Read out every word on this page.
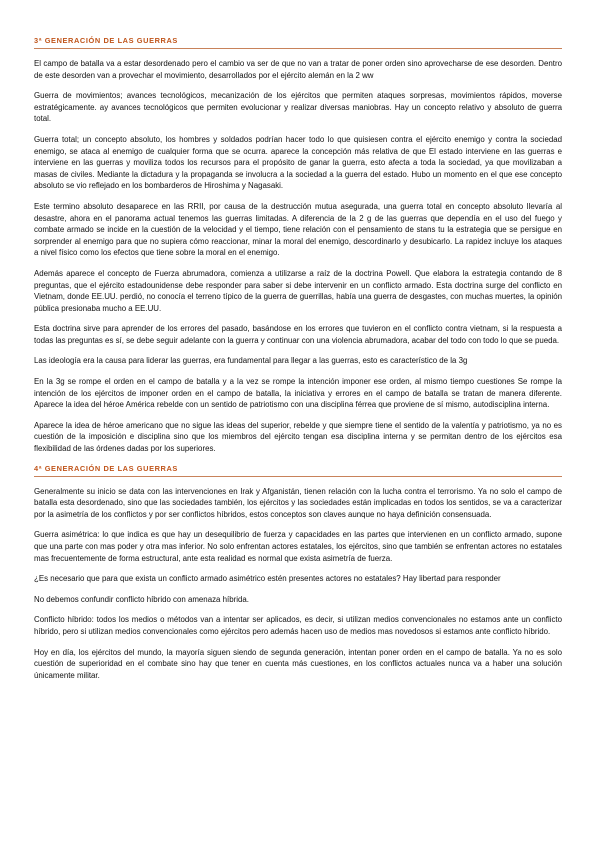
3ª GENERACIÓN DE LAS GUERRAS

El campo de batalla va a estar desordenado pero el cambio va ser de que no van a tratar de poner orden sino aprovecharse de ese desorden. Dentro de este desorden van a provechar el movimiento, desarrollados por el ejército alemán en la 2 ww

Guerra de movimientos; avances tecnológicos, mecanización de los ejércitos que permiten ataques sorpresas, movimientos rápidos, moverse estratégicamente. ay avances tecnológicos que permiten evolucionar y realizar diversas maniobras. Hay un concepto relativo y absoluto de guerra total.

Guerra total; un concepto absoluto, los hombres y soldados podrían hacer todo lo que quisiesen contra el ejército enemigo y contra la sociedad enemigo, se ataca al enemigo de cualquier forma que se ocurra. aparece la concepción más relativa de que El estado interviene en las guerras e interviene en las guerras y moviliza todos los recursos para el propósito de ganar la guerra, esto afecta a toda la sociedad, ya que movilizaban a masas de civiles. Mediante la dictadura y la propaganda se involucra a la sociedad a la guerra del estado. Hubo un momento en el que ese concepto absoluto se vio reflejado en los bombarderos de Hiroshima y Nagasaki.

Este termino absoluto desaparece en las RRII, por causa de la destrucción mutua asegurada, una guerra total en concepto absoluto llevaría al desastre, ahora en el panorama actual tenemos las guerras limitadas. A diferencia de la 2 g de las guerras que dependía en el uso del fuego y combate armado se incide en la cuestión de la velocidad y el tiempo, tiene relación con el pensamiento de stans tu la estrategia que se persigue en sorprender al enemigo para que no supiera cómo reaccionar, minar la moral del enemigo, descordinarlo y desubicarlo. La rapidez incluye los ataques a nivel físico como los efectos que tiene sobre la moral en el enemigo.

Además aparece el concepto de Fuerza abrumadora, comienza a utilizarse a raíz de la doctrina Powell. Que elabora la estrategia contando de 8 preguntas, que el ejército estadounidense debe responder para saber si debe intervenir en un conflicto armado. Esta doctrina surge del conflicto en Vietnam, donde EE.UU. perdió, no conocía el terreno típico de la guerra de guerrillas, había una guerra de desgastes, con muchas muertes, la opinión pública presionaba mucho a EE.UU.

Esta doctrina sirve para aprender de los errores del pasado, basándose en los errores que tuvieron en el conflicto contra vietnam, si la respuesta a todas las preguntas es sí, se debe seguir adelante con la guerra y continuar con una violencia abrumadora, acabar del todo con todo lo que se pueda.

Las ideología era la causa para liderar las guerras, era fundamental para llegar a las guerras, esto es característico de la 3g

En la 3g se rompe el orden en el campo de batalla y a la vez se rompe la intención imponer ese orden, al mismo tiempo cuestiones Se rompe la intención de los ejércitos de imponer orden en el campo de batalla, la iniciativa y errores en el campo de batalla se tratan de manera diferente. Aparece la idea del héroe América rebelde con un sentido de patriotismo con una disciplina férrea que proviene de sí mismo, autodisciplina interna.

Aparece la idea de héroe americano que no sigue las ideas del superior, rebelde y que siempre tiene el sentido de la valentía y patriotismo, ya no es cuestión de la imposición e disciplina sino que los miembros del ejército tengan esa disciplina interna y se permitan dentro de los ejércitos esa flexibilidad de las órdenes dadas por los superiores.

4ª GENERACIÓN DE LAS GUERRAS

Generalmente su inicio se data con las intervenciones en Irak y Afganistán, tienen relación con la lucha contra el terrorismo. Ya no solo el campo de batalla esta desordenado, sino que las sociedades también, los ejércitos y las sociedades están implicadas en todos los sentidos, se va a caracterizar por la asimetría de los conflictos y por ser conflictos híbridos, estos conceptos son claves aunque no haya definición consensuada.

Guerra asimétrica: lo que indica es que hay un desequilibrio de fuerza y capacidades en las partes que intervienen en un conflicto armado, supone que una parte con mas poder y otra mas inferior. No solo enfrentan actores estatales, los ejércitos, sino que también se enfrentan actores no estatales mas frecuentemente de forma estructural, ante esta realidad es normal que exista asimetría de fuerza.

¿Es necesario que para que exista un conflicto armado asimétrico estén presentes actores no estatales? Hay libertad para responder

No debemos confundir conflicto híbrido con amenaza híbrida.

Conflicto híbrido: todos los medios o métodos van a intentar ser aplicados, es decir, si utilizan medios convencionales no estamos ante un conflicto híbrido, pero si utilizan medios convencionales como ejércitos pero además hacen uso de medios mas novedosos si estamos ante conflicto híbrido.

Hoy en día, los ejércitos del mundo, la mayoría siguen siendo de segunda generación, intentan poner orden en el campo de batalla. Ya no es solo cuestión de superioridad en el combate sino hay que tener en cuenta más cuestiones, en los conflictos actuales nunca va a haber una solución únicamente militar.
